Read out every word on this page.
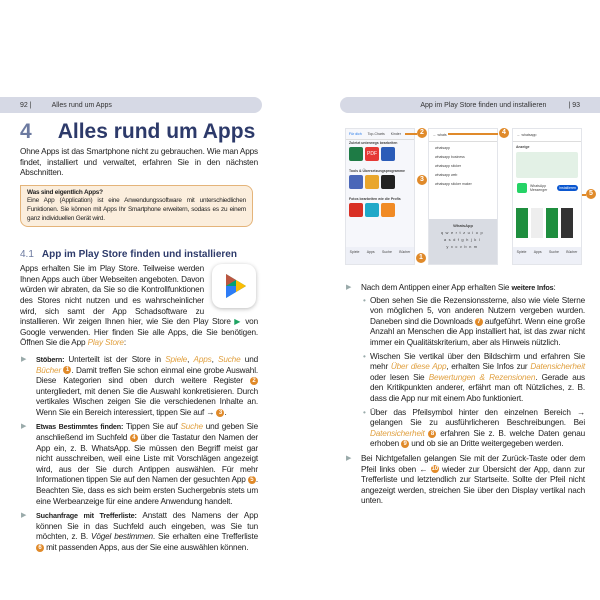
92 |	Alles rund um Apps
4 Alles rund um Apps
Ohne Apps ist das Smartphone nicht zu gebrauchen. Wie man Apps findet, installiert und verwaltet, erfahren Sie in den nächsten Abschnitten.
Was sind eigentlich Apps?
Eine App (Application) ist eine Anwendungssoftware mit unterschiedlichen Funktionen. Sie können mit Apps Ihr Smartphone erweitern, sodass es zu einem ganz individuellen Gerät wird.
4.1 App im Play Store finden und installieren
Apps erhalten Sie im Play Store. Teilweise werden Ihnen Apps auch über Webseiten angeboten. Davon würden wir abraten, da Sie so die Kontrollfunktionen des Stores nicht nutzen und es wahrscheinlicher wird, sich samt der App Schadsoftware zu installieren. Wir zeigen Ihnen hier, wie Sie den Play Store ▶ von Google verwenden. Hier finden Sie alle Apps, die Sie benötigen. Öffnen Sie die App Play Store:
▶ Stöbern: Unterteilt ist der Store in Spiele, Apps, Suche und Bücher 1 . Damit treffen Sie schon einmal eine grobe Auswahl. Diese Kategorien sind oben durch weitere Register 2 untergliedert, mit denen Sie die Auswahl konkretisieren. Durch vertikales Wischen zeigen Sie die verschiedenen Inhalte an. Wenn Sie ein Bereich interessiert, tippen Sie auf → 3 .
▶ Etwas Bestimmtes finden: Tippen Sie auf Suche und geben Sie anschließend im Suchfeld 4 über die Tastatur den Namen der App ein, z. B. WhatsApp. Sie müssen den Begriff meist gar nicht ausschreiben, weil eine Liste mit Vorschlägen angezeigt wird, aus der Sie durch Antippen auswählen. Für mehr Informationen tippen Sie auf den Namen der gesuchten App 5 . Beachten Sie, dass es sich beim ersten Suchergebnis stets um eine Werbeanzeige für eine andere Anwendung handelt.
▶ Suchanfrage mit Trefferliste: Anstatt des Namens der App können Sie in das Suchfeld auch eingeben, was Sie tun möchten, z. B. Vögel bestimmen. Sie erhalten eine Trefferliste 6 mit passenden Apps, aus der Sie eine auswählen können.
App im Play Store finden und installieren	| 93
Für dich Top-Charts Kinder
Zuletzt unterwegs bearbeiten
PDF
Tools & Übersetzungsprogramme
Fotos bearbeiten wie die Profis
Spiele Apps Suche Bücher
← whats
whatsapp
whatsapp business
whatsapp sticker
whatsapp web
whatsapp sticker maker
WhatsApp
qwertzuiop
asdfghjkl
yxcvbnm
← whatsapp
Anzeige
WhatsApp Messenger	Installieren
Spiele Apps Suche Bücher
2	4
3
5
1
▶ Nach dem Antippen einer App erhalten Sie weitere Infos:
• Oben sehen Sie die Rezensionssterne, also wie viele Sterne von möglichen 5, von anderen Nutzern vergeben wurden. Daneben sind die Downloads 7 aufgeführt. Wenn eine große Anzahl an Menschen die App installiert hat, ist das zwar nicht immer ein Qualitätskriterium, aber als Hinweis nützlich.
• Wischen Sie vertikal über den Bildschirm und erfahren Sie mehr Über diese App, erhalten Sie Infos zur Datensicherheit oder lesen Sie Bewertungen & Rezensionen. Gerade aus den Kritikpunkten anderer, erfährt man oft Nützliches, z. B. dass die App nur mit einem Abo funktioniert.
• Über das Pfeilsymbol hinter den einzelnen Bereich → gelangen Sie zu ausführlicheren Beschreibungen. Bei Datensicherheit 8 erfahren Sie z. B. welche Daten genau erhoben 9 und ob sie an Dritte weitergegeben werden.
▶ Bei Nichtgefallen gelangen Sie mit der Zurück-Taste oder dem Pfeil links oben ← 10 wieder zur Übersicht der App, dann zur Trefferliste und letztendlich zur Startseite. Sollte der Pfeil nicht angezeigt werden, streichen Sie über den Display vertikal nach unten.
